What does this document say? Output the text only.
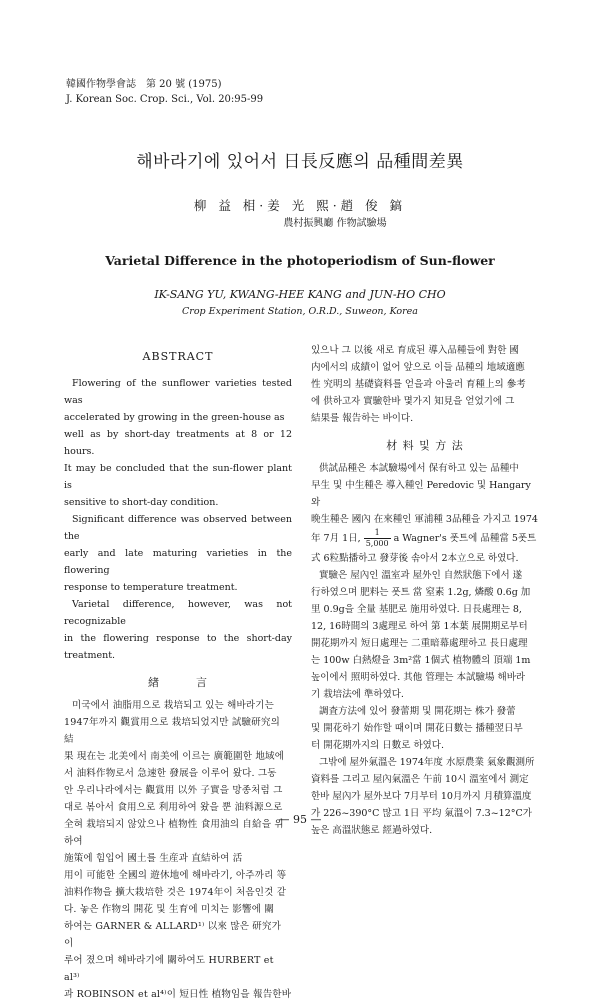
韓國作物學會誌　第 20 號 (1975)
J. Korean Soc. Crop. Sci., Vol. 20:95-99
해바라기에 있어서 日長反應의 品種間差異
柳 益 相·姜 光 熙·趙 俊 鎬
農村振興廳 作物試驗場
Varietal Difference in the photoperiodism of Sun-flower
IK-SANG YU, KWANG-HEE KANG and JUN-HO CHO
Crop Experiment Station, O.R.D., Suweon, Korea
ABSTRACT
Flowering of the sunflower varieties tested was
accelerated by growing in the green-house as
well as by short-day treatments at 8 or 12 hours.
It may be concluded that the sun-flower plant is
sensitive to short-day condition.
Significant difference was observed between the
early and late maturing varieties in the flowering
response to temperature treatment.
Varietal difference, however, was not recognizable
in the flowering response to the short-day treatment.
緖　　　言
미국에서 油脂用으로 栽培되고 있는 해바라기는
1947年까지 觀賞用으로 栽培되었지만 試驗研究의 結
果 現在는 北美에서 南美에 이르는 廣範圍한 地域에
서 油料作物로서 急速한 發展을 이루어 왔다. 그동
안 우리나라에서는 觀賞用 以外 子實을 망종처럼 그
대로 볶아서 食用으로 利用하여 왔을 뿐 油料源으로
全혀 栽培되지 않았으나 植物性 食用油의 自給을 위하여
施策에 힘입어 國土를 生産과 直結하여 活
用이 可能한 全國의 遊休地에 해바라기, 아주까리 等
油料作物을 擴大栽培한 것은 1974年이 처음인것 같
다. 놓은 作物의 開花 및 生育에 미치는 影響에 關
하여는 GARNER & ALLARD¹⁾ 以來 많은 研究가 이
루어 졌으며 해바라기에 關하여도 HURBERT et al³⁾
과 ROBINSON et al⁴⁾이 短日性 植物임을 報告한바
있으나 그 以後 새로 育成된 導入品種들에 對한 國
内에서의 成績이 없어 앞으로 이들 品種의 地域適應
性 究明의 基礎資料를 얻을과 아울러 育種上의 參考
에 供하고자 實驗한바 몇가지 知見을 얻었기에 그
結果를 報告하는 바이다.
材 料 및 方 法
供試品種은 本試驗場에서 保有하고 있는 品種中
早生 및 中生種은 導入種인 Peredovic 및 Hangary와
晩生種은 國內 在來種인 軍浦種 3品種을 가지고 1974
年 7月 1日, $\frac{1}{5,000}$ a Wagner's 폿트에 品種當 5폿트
式 6粒點播하고 發芽後 솎아서 2本立으로 하였다.
實驗은 屋內인 溫室과 屋外인 自然狀態下에서 遂
行하였으며 肥料는 폿트 當 窒素 1.2g, 燐酸 0.6g 加
里 0.9g을 全量 基肥로 施用하였다. 日長處理는 8,
12, 16時間의 3處理로 하여 第 1本葉 展開期로부터
開花期까지 短日處理는 二重暗幕處理하고 長日處理
는 100w 白熱燈을 3m²當 1個式 植物體의 頂端 1m
높이에서 照明하였다. 其他 管理는 本試驗場 해바라
기 栽培法에 準하였다.
調査方法에 있어 發蕾期 및 開花期는 株가 發蕾
및 開花하기 始作할 때이며 開花日數는 播種翌日부
터 開花期까지의 日數로 하였다.
그밖에 屋外氣溫은 1974年度 水原農業 氣象觀測所
資料를 그리고 屋內氣溫은 午前 10시 溫室에서 測定
한바 屋內가 屋外보다 7月부터 10月까지 月積算溫度
가 226~390°C 많고 1日 平均 氣溫이 7.3~12°C가
높은 高溫狀態로 經過하였다.
— 95 —
